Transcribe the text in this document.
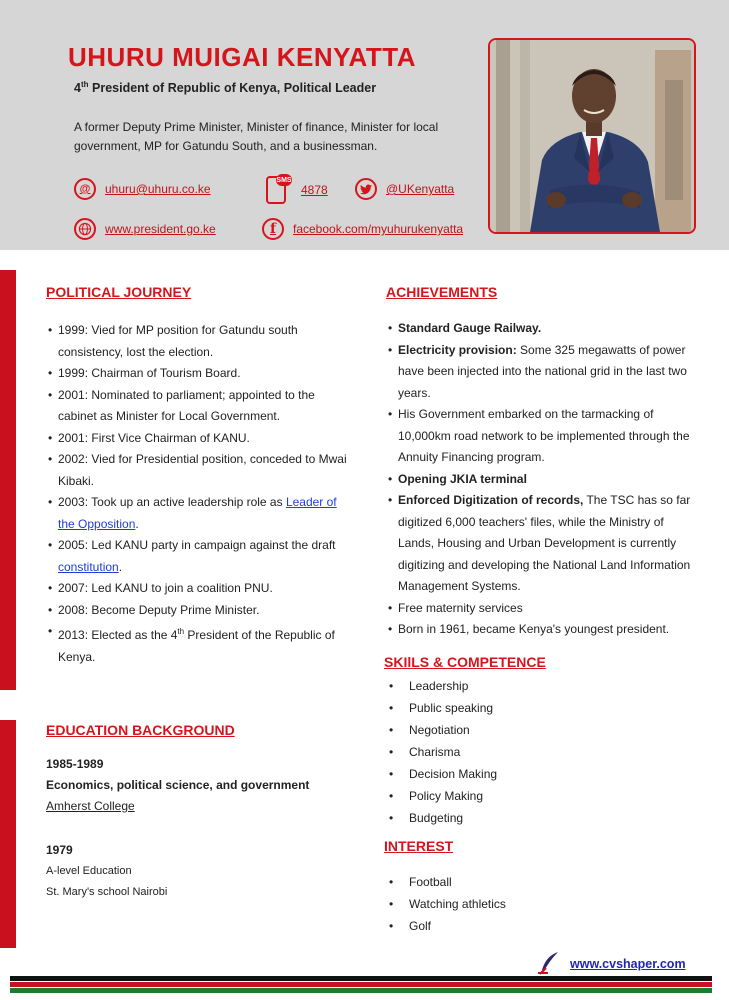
UHURU MUIGAI KENYATTA
4th President of Republic of Kenya, Political Leader
A former Deputy Prime Minister, Minister of finance, Minister for local government, MP for Gatundu South, and a businessman.
@	uhuru@uhuru.co.ke
SMS
4878	@UKenyatta
www.president.go.ke	f	facebook.com/myuhurukenyatta
POLITICAL JOURNEY
• 1999: Vied for MP position for Gatundu south consistency, lost the election.
• 1999: Chairman of Tourism Board.
• 2001: Nominated to parliament; appointed to the cabinet as Minister for Local Government.
• 2001: First Vice Chairman of KANU.
• 2002: Vied for Presidential position, conceded to Mwai Kibaki.
• 2003: Took up an active leadership role as Leader of the Opposition.
• 2005: Led KANU party in campaign against the draft constitution.
• 2007: Led KANU to join a coalition PNU.
• 2008: Become Deputy Prime Minister.
• 2013: Elected as the 4th President of the Republic of Kenya.
ACHIEVEMENTS
• Standard Gauge Railway.
• Electricity provision: Some 325 megawatts of power have been injected into the national grid in the last two years.
• His Government embarked on the tarmacking of 10,000km road network to be implemented through the Annuity Financing program.
• Opening JKIA terminal
• Enforced Digitization of records, The TSC has so far digitized 6,000 teachers' files, while the Ministry of Lands, Housing and Urban Development is currently digitizing and developing the National Land Information Management Systems.
• Free maternity services
• Born in 1961, became Kenya's youngest president.
SKIlLS & COMPETENCE
• Leadership
• Public speaking
• Negotiation
• Charisma
• Decision Making
• Policy Making
• Budgeting
INTEREST
• Football
• Watching athletics
• Golf
EDUCATION BACKGROUND
1985-1989
Economics, political science, and government
Amherst College
1979
A-level Education
St. Mary's school Nairobi
www.cvshaper.com
